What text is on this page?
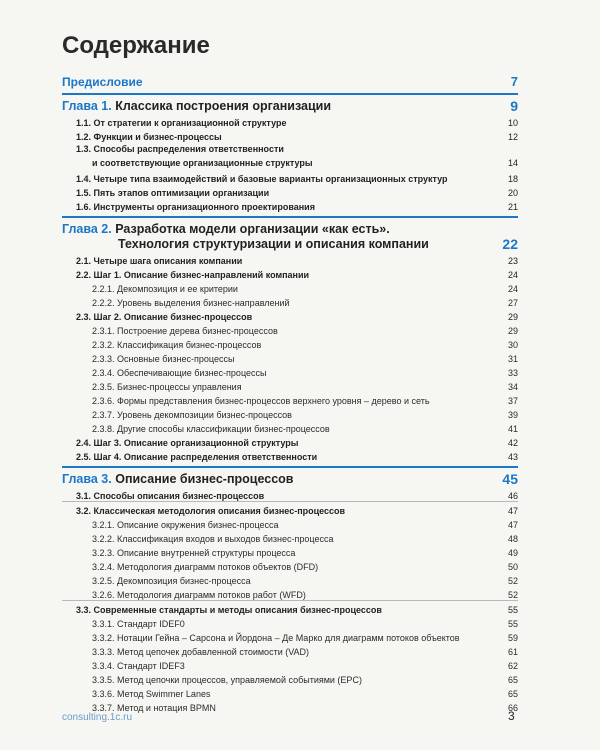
Содержание
Предисловие	7
Глава 1. Классика построения организации	9
1.1. От стратегии к организационной структуре	10
1.2. Функции и бизнес-процессы	12
1.3. Способы распределения ответственности
и соответствующие организационные структуры	14
1.4. Четыре типа взаимодействий и базовые варианты организационных структур	18
1.5. Пять этапов оптимизации организации	20
1.6. Инструменты организационного проектирования	21
Глава 2. Разработка модели организации «как есть».
Технология структуризации и описания компании	22
2.1. Четыре шага описания компании	23
2.2. Шаг 1. Описание бизнес-направлений компании	24
2.2.1. Декомпозиция и ее критерии	24
2.2.2. Уровень выделения бизнес-направлений	27
2.3. Шаг 2. Описание бизнес-процессов	29
2.3.1. Построение дерева бизнес-процессов	29
2.3.2. Классификация бизнес-процессов	30
2.3.3. Основные бизнес-процессы	31
2.3.4. Обеспечивающие бизнес-процессы	33
2.3.5. Бизнес-процессы управления	34
2.3.6. Формы представления бизнес-процессов верхнего уровня – дерево и сеть	37
2.3.7. Уровень декомпозиции бизнес-процессов	39
2.3.8. Другие способы классификации бизнес-процессов	41
2.4. Шаг 3. Описание организационной структуры	42
2.5. Шаг 4. Описание распределения ответственности	43
Глава 3. Описание бизнес-процессов	45
3.1. Способы описания бизнес-процессов	46
3.2. Классическая методология описания бизнес-процессов	47
3.2.1. Описание окружения бизнес-процесса	47
3.2.2. Классификация входов и выходов бизнес-процесса	48
3.2.3. Описание внутренней структуры процесса	49
3.2.4. Методология диаграмм потоков объектов (DFD)	50
3.2.5. Декомпозиция бизнес-процесса	52
3.2.6. Методология диаграмм потоков работ (WFD)	52
3.3. Современные стандарты и методы описания бизнес-процессов	55
3.3.1. Стандарт IDEF0	55
3.3.2. Нотации Гейна – Сарсона и Йордона – Де Марко для диаграмм потоков объектов	59
3.3.3. Метод цепочек добавленной стоимости (VAD)	61
3.3.4. Стандарт IDEF3	62
3.3.5. Метод цепочки процессов, управляемой событиями (EPC)	65
3.3.6. Метод Swimmer Lanes	65
3.3.7. Метод и нотация BPMN	66
consulting.1c.ru	3
